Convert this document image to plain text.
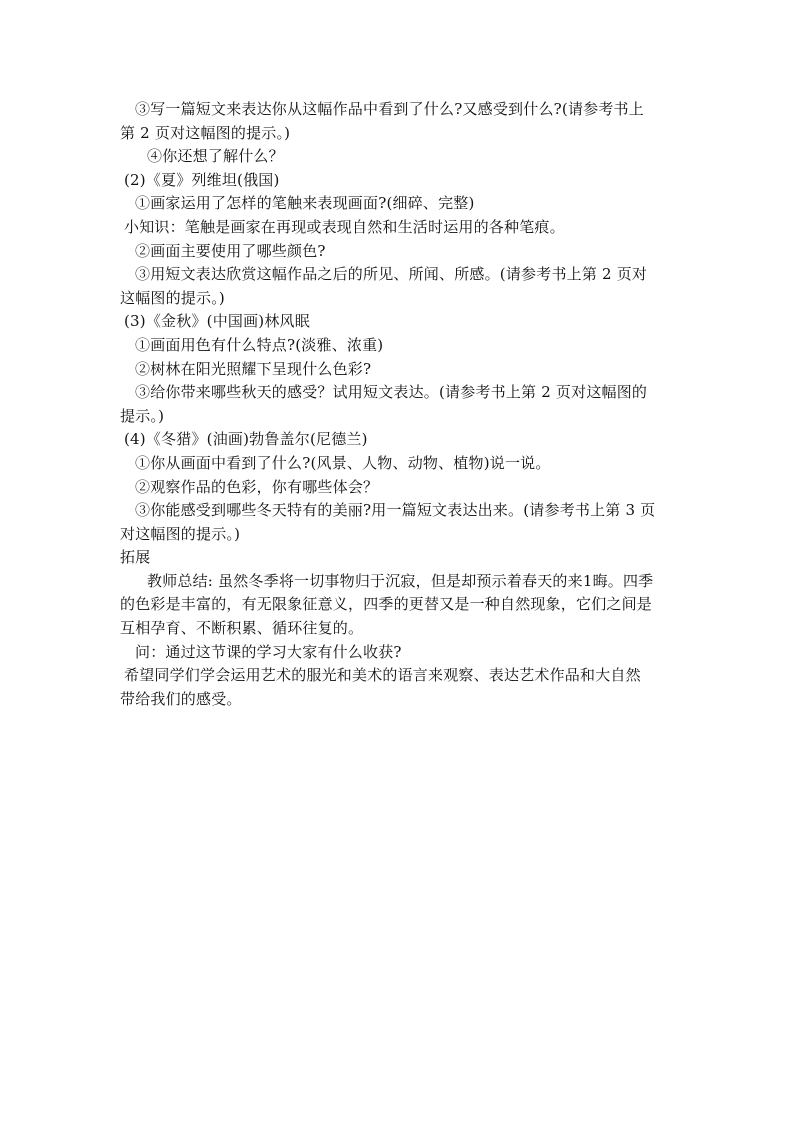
③写一篇短文来表达你从这幅作品中看到了什么?又感受到什么?(请参考书上
第 2 页对这幅图的提示。)
④你还想了解什么？
(2)《夏》列维坦(俄国)
①画家运用了怎样的笔触来表现画面?(细碎、完整)
小知识：笔触是画家在再现或表现自然和生活时运用的各种笔痕。
②画面主要使用了哪些颜色?
③用短文表达欣赏这幅作品之后的所见、所闻、所感。(请参考书上第 2 页对
这幅图的提示。)
(3)《金秋》(中国画)林风眠
①画面用色有什么特点?(淡雅、浓重)
②树林在阳光照耀下呈现什么色彩?
③给你带来哪些秋天的感受？试用短文表达。(请参考书上第 2 页对这幅图的
提示。)
(4)《冬猎》(油画)勃鲁盖尔(尼德兰)
①你从画面中看到了什么?(风景、人物、动物、植物)说一说。
②观察作品的色彩，你有哪些体会？
③你能感受到哪些冬天特有的美丽?用一篇短文表达出来。(请参考书上第 3 页
对这幅图的提示。)
拓展
教师总结: 虽然冬季将一切事物归于沉寂，但是却预示着春天的来1晦。四季
的色彩是丰富的，有无限象征意义，四季的更替又是一种自然现象，它们之间是
互相孕育、不断积累、循环往复的。
问：通过这节课的学习大家有什么收获?
希望同学们学会运用艺术的服光和美术的语言来观察、表达艺术作品和大自然
带给我们的感受。
